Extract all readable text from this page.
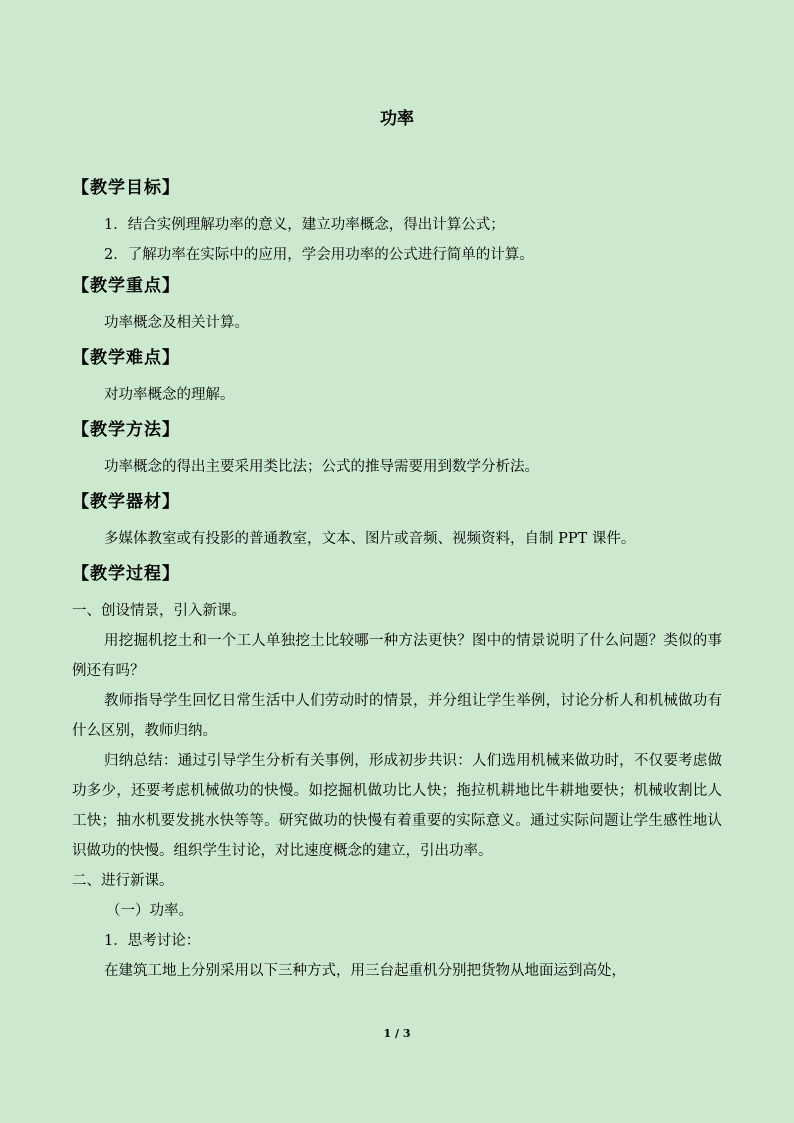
功率
【教学目标】
1．结合实例理解功率的意义，建立功率概念，得出计算公式；
2．了解功率在实际中的应用，学会用功率的公式进行简单的计算。
【教学重点】
功率概念及相关计算。
【教学难点】
对功率概念的理解。
【教学方法】
功率概念的得出主要采用类比法；公式的推导需要用到数学分析法。
【教学器材】
多媒体教室或有投影的普通教室，文本、图片或音频、视频资料，自制 PPT 课件。
【教学过程】
一、创设情景，引入新课。
用挖掘机挖土和一个工人单独挖土比较哪一种方法更快？图中的情景说明了什么问题？类似的事例还有吗？
教师指导学生回忆日常生活中人们劳动时的情景，并分组让学生举例，讨论分析人和机械做功有什么区别，教师归纳。
归纳总结：通过引导学生分析有关事例，形成初步共识：人们选用机械来做功时，不仅要考虑做功多少，还要考虑机械做功的快慢。如挖掘机做功比人快；拖拉机耕地比牛耕地要快；机械收割比人工快；抽水机要发挑水快等等。研究做功的快慢有着重要的实际意义。通过实际问题让学生感性地认识做功的快慢。组织学生讨论，对比速度概念的建立，引出功率。
二、进行新课。
（一）功率。
1．思考讨论：
在建筑工地上分别采用以下三种方式，用三台起重机分别把货物从地面运到高处，
1 / 3
